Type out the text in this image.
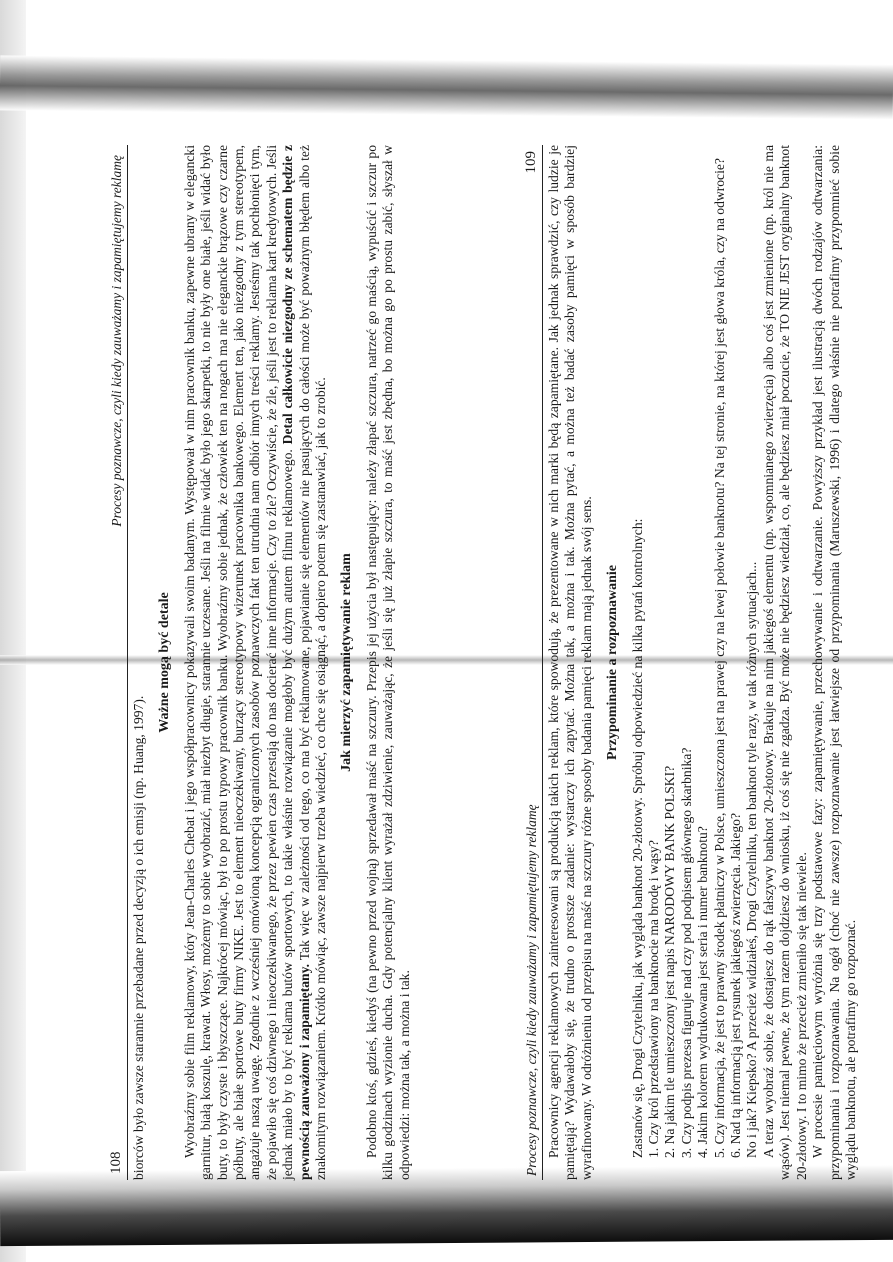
108
Procesy poznawcze, czyli kiedy zauważamy i zapamiętujemy reklamę

biorców było zawsze starannie przebadane przed decyzją o ich emisji (np. Huang, 1997).

Ważne mogą być detale Wyobraźmy sobie film reklamowy, który Jean-Charles Chebat i jego współpracownicy pokazywali swoim badanym. Występował w nim pracownik banku, zapewne ubrany w elegancki garnitur, białą koszulę, krawat. Włosy, możemy to sobie wyobrazić, miał niezbyt długie, starannie uczesane. Jeśli na filmie widać było jego skarpetki, to nie były one białe, jeśli widać było buty, to były czyste i błyszczące. Najkrócej mówiąc, był to po prostu typowy pracownik banku. Wyobraźmy sobie jednak, że człowiek ten na nogach ma nie eleganckie brązowe czy czarne półbuty, ale białe sportowe buty firmy NIKE. Jest to element nieoczekiwany, burzący stereotypowy wizerunek pracownika bankowego. Element ten, jako niezgodny z tym stereotypem, angażuje naszą uwagę. Zgodnie z wcześniej omówioną koncepcją ograniczonych zasobów poznawczych fakt ten utrudnia nam odbiór innych treści reklamy. Jesteśmy tak pochłonięci tym, że pojawiło się coś dziwnego i nieoczekiwanego, że przez pewien czas przestają do nas docierać inne informacje. Czy to źle? Oczywiście, że źle, jeśli jest to reklama kart kredytowych. Jeśli jednak miało by to być reklama butów sportowych, to takie właśnie rozwiązanie mogłoby być dużym atutem filmu reklamowego. Detal całkowicie niezgodny ze schematem będzie z pewnością zauważony i zapamiętany. Tak więc w zależności od tego, co ma być reklamowane, pojawianie się elementów nie pasujących do całości może być poważnym błędem albo też znakomitym rozwiązaniem. Krótko mówiąc, zawsze najpierw trzeba wiedzieć, co chce się osiągnąć, a dopiero potem się zastanawiać, jak to zrobić. Jak mierzyć zapamiętywanie reklam Podobno ktoś, gdzieś, kiedyś (na pewno przed wojną) sprzedawał maść na szczury. Przepis jej użycia był następujący: należy złapać szczura, natrzeć go maścią, wypuścić i szczur po kilku godzinach wyzionie ducha. Gdy potencjalny klient wyrażał zdziwienie, zauważając, że jeśli się już złapie szczura, to maść jest zbędna, bo można go po prostu zabić, słyszał w odpowiedzi: można tak, a można i tak.	Procesy poznawcze, czyli kiedy zauważamy i zapamiętujemy reklamę
109 Pracownicy agencji reklamowych zainteresowani są produkcją takich reklam, które spowodują, że prezentowane w nich marki będą zapamiętane. Jak jednak sprawdzić, czy ludzie je pamiętają? Wydawałoby się, że trudno o prostsze zadanie: wystarczy ich zapytać. Można tak, a można i tak. Można pytać, a można też badać zasoby pamięci w sposób bardziej wyrafinowany. W odróżnieniu od przepisu na maść na szczury różne sposoby badania pamięci reklam mają jednak swój sens. Przypominanie a rozpoznawanie Zastanów się, Drogi Czytelniku, jak wygląda banknot 20-złotowy. Spróbuj odpowiedzieć na kilka pytań kontrolnych: 1. Czy król przedstawiony na banknocie ma brodę i wąsy? 2. Na jakim tle umieszczony jest napis NARODOWY BANK POLSKI? 3. Czy podpis prezesa figuruje nad czy pod podpisem głównego skarbnika? 4. Jakim kolorem wydrukowana jest seria i numer banknotu? 5. Czy informacja, że jest to prawny środek płatniczy w Polsce, umieszczona jest na prawej czy na lewej połowie banknotu? Na tej stronie, na której jest głowa króla, czy na odwrocie? 6. Nad tą informacją jest rysunek jakiegoś zwierzęcia. Jakiego? No i jak? Kiepsko? A przecież widziałeś, Drogi Czytelniku, ten banknot tyle razy, w tak różnych sytuacjach... A teraz wyobraź sobie, że dostajesz do rąk fałszywy banknot 20-złotowy. Brakuje na nim jakiegoś elementu (np. wspomnianego zwierzęcia) albo coś jest zmienione (np. król nie ma wąsów). Jest niemal pewne, że tym razem dojdziesz do wniosku, iż coś się nie zgadza. Być może nie będziesz wiedział, co, ale będziesz miał poczucie, że TO NIE JEST oryginalny banknot 20-złotowy. I to mimo że przecież zmieniło się tak niewiele. W procesie pamięciowym wyróżnia się trzy podstawowe fazy: zapamiętywanie, przechowywanie i odtwarzanie. Powyższy przykład jest ilustracją dwóch rodzajów odtwarzania: przypominania i rozpoznawania. Na ogół (choć nie zawsze) rozpoznawanie jest łatwiejsze od przypominania (Maruszewski, 1996) i dlatego właśnie nie potrafimy przypomnieć sobie wyglądu banknotu, ale potrafimy go rozpoznać.
